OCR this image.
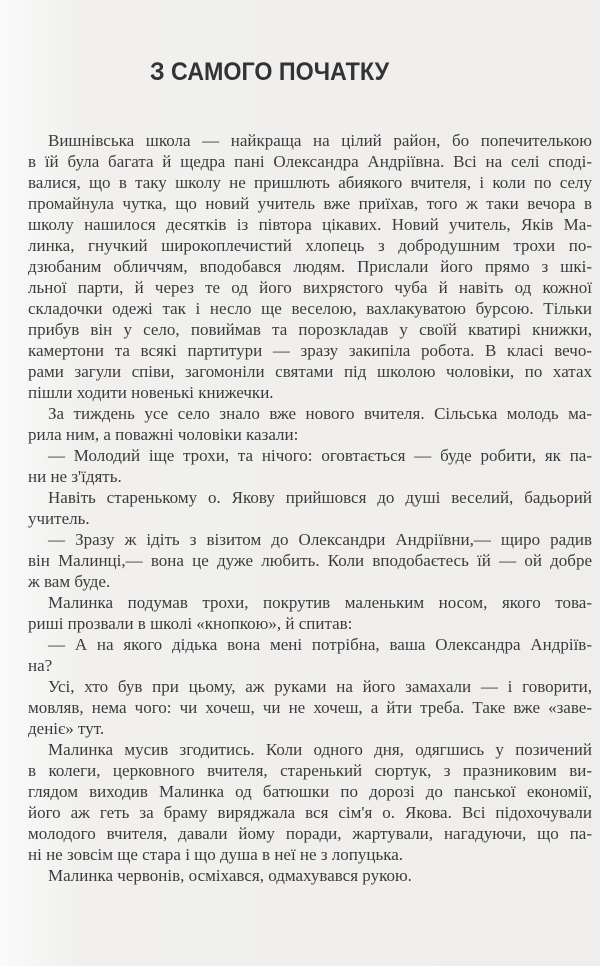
З САМОГО ПОЧАТКУ
Вишнівська школа — найкраща на цілий район, бо попечителькою
в їй була багата й щедра пані Олександра Андріївна. Всі на селі споді-
валися, що в таку школу не пришлють абиякого вчителя, і коли по селу
промайнула чутка, що новий учитель вже приїхав, того ж таки вечора в
школу нашилося десятків із півтора цікавих. Новий учитель, Яків Ма-
линка, гнучкий широкоплечистий хлопець з добродушним трохи по-
дзюбаним обличчям, вподобався людям. Прислали його прямо з шкі-
льної парти, й через те од його вихрястого чуба й навіть од кожної
складочки одежі так і несло ще веселою, вахлакуватою бурсою. Тільки
прибув він у село, повиймав та порозкладав у своїй кватирі книжки,
камертони та всякі партитури — зразу закипіла робота. В класі вечо-
рами загули співи, загомоніли святами під школою чоловіки, по хатах
пішли ходити новенькі книжечки.
За тиждень усе село знало вже нового вчителя. Сільська молодь ма-
рила ним, а поважні чоловіки казали:
— Молодий іще трохи, та нічого: оговтається — буде робити, як па-
ни не з'їдять.
Навіть старенькому о. Якову прийшовся до душі веселий, бадьорий
учитель.
— Зразу ж ідіть з візитом до Олександри Андріївни,— щиро радив
він Малинці,— вона це дуже любить. Коли вподобаєтесь їй — ой добре
ж вам буде.
Малинка подумав трохи, покрутив маленьким носом, якого това-
риші прозвали в школі «кнопкою», й спитав:
— А на якого дідька вона мені потрібна, ваша Олександра Андріїв-
на?
Усі, хто був при цьому, аж руками на його замахали — і говорити,
мовляв, нема чого: чи хочеш, чи не хочеш, а йти треба. Таке вже «заве-
деніє» тут.
Малинка мусив згодитись. Коли одного дня, одягшись у позичений
в колеги, церковного вчителя, старенький сюртук, з празниковим ви-
глядом виходив Малинка од батюшки по дорозі до панської економії,
його аж геть за браму виряджала вся сім'я о. Якова. Всі підохочували
молодого вчителя, давали йому поради, жартували, нагадуючи, що па-
ні не зовсім ще стара і що душа в неї не з лопуцька.
Малинка червонів, осміхався, одмахувався рукою.
